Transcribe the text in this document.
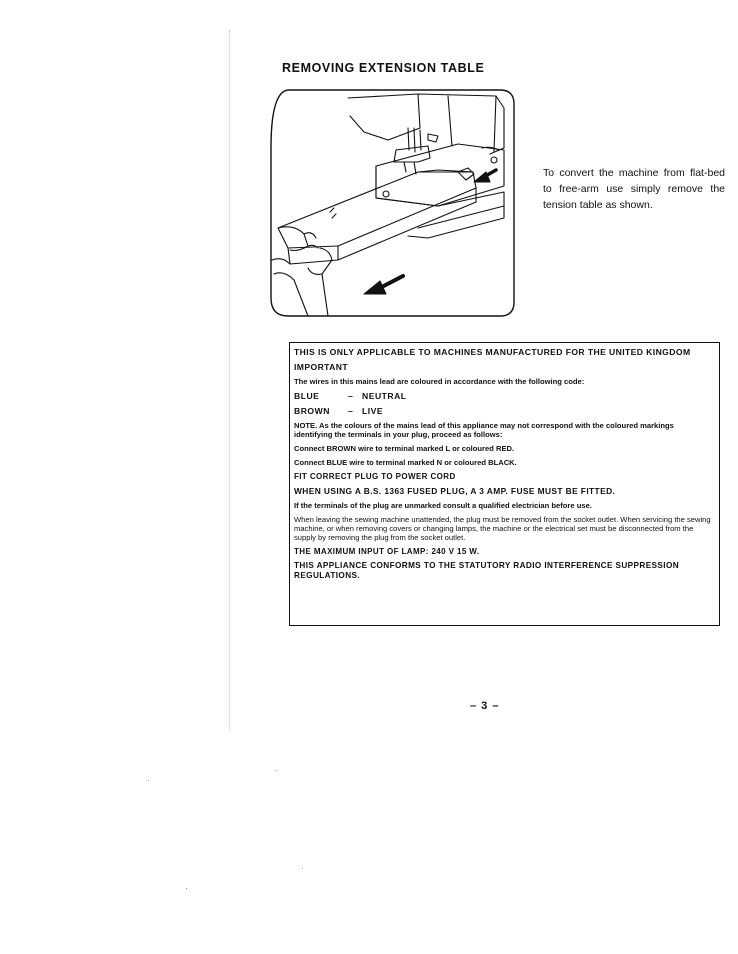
REMOVING EXTENSION TABLE
To convert the machine from flat-bed to free-arm use simply remove the tension table as shown.

THIS IS ONLY APPLICABLE TO MACHINES MANUFACTURED FOR THE UNITED KINGDOM

IMPORTANT

The wires in this mains lead are coloured in accordance with the following code:

BLUE	–	NEUTRAL
BROWN	–	LIVE

NOTE. As the colours of the mains lead of this appliance may not correspond with the coloured markings identifying the terminals in your plug, proceed as follows:

Connect BROWN wire to terminal marked L or coloured RED.

Connect BLUE wire to terminal marked N or coloured BLACK.

FIT CORRECT PLUG TO POWER CORD

WHEN USING A B.S. 1363 FUSED PLUG, A 3 AMP. FUSE MUST BE FITTED.

If the terminals of the plug are unmarked consult a qualified electrician before use.

When leaving the sewing machine unattended, the plug must be removed from the socket outlet. When servicing the sewing machine, or when removing covers or changing lamps, the machine or the electrical set must be disconnected from the supply by removing the plug from the socket outlet.

THE MAXIMUM INPUT OF LAMP: 240 V 15 W.

THIS APPLIANCE CONFORMS TO THE STATUTORY RADIO INTERFERENCE SUPPRESSION REGULATIONS.

– 3 –
